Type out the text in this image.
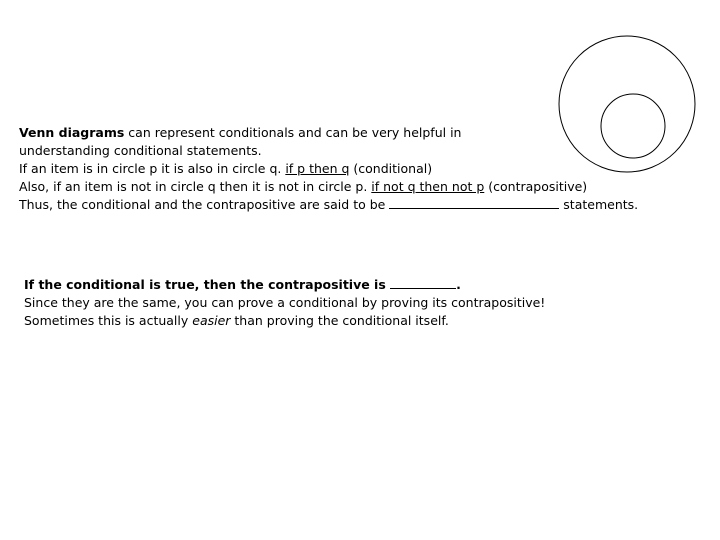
Venn diagrams can represent conditionals and can be very helpful in
understanding conditional statements.
If an item is in circle p it is also in circle q. if p then q (conditional)
Also, if an item is not in circle q then it is not in circle p. if not q then not p (contrapositive)
Thus, the conditional and the contrapositive are said to be	statements.
If the conditional is true, then the contrapositive is	.
Since they are the same, you can prove a conditional by proving its contrapositive!
Sometimes this is actually easier than proving the conditional itself.
